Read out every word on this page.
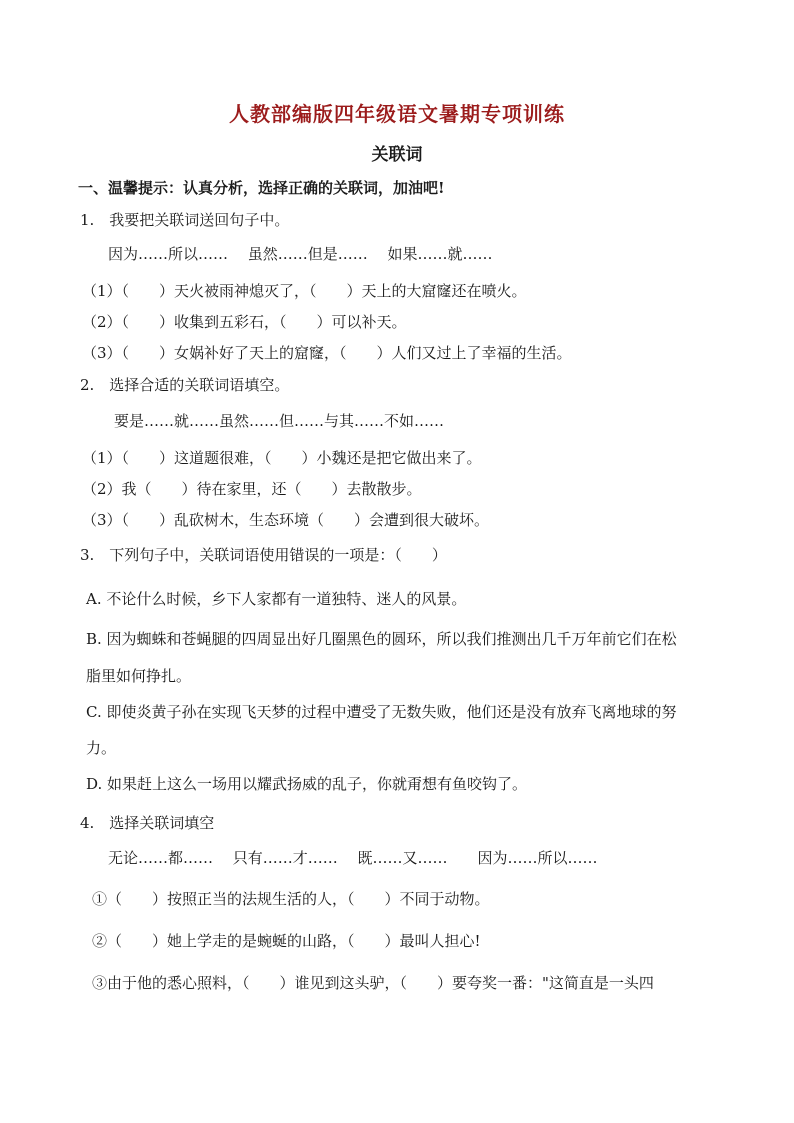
人教部编版四年级语文暑期专项训练
关联词
一、温馨提示：认真分析，选择正确的关联词，加油吧!
1.　我要把关联词送回句子中。
因为……所以……　 虽然……但是……　 如果……就……
（1）（　　）天火被雨神熄灭了，（　　）天上的大窟窿还在喷火。
（2）（　　）收集到五彩石，（　　）可以补天。
（3）（　　）女娲补好了天上的窟窿，（　　）人们又过上了幸福的生活。
2.　选择合适的关联词语填空。
要是……就……虽然……但……与其……不如……
（1）（　　）这道题很难，（　　）小魏还是把它做出来了。
（2）我（　　）待在家里，还（　　）去散散步。
（3）（　　）乱砍树木，生态环境（　　）会遭到很大破坏。
3.　下列句子中，关联词语使用错误的一项是：（　　）
A. 不论什么时候，乡下人家都有一道独特、迷人的风景。
B. 因为蜘蛛和苍蝇腿的四周显出好几圈黑色的圆环，所以我们推测出几千万年前它们在松
脂里如何挣扎。
C. 即使炎黄子孙在实现飞天梦的过程中遭受了无数失败，他们还是没有放弃飞离地球的努
力。
D. 如果赶上这么一场用以耀武扬威的乱子，你就甭想有鱼咬钩了。
4.　选择关联词填空
无论……都……　 只有……才……　 既……又……　　因为……所以……
①（　　）按照正当的法规生活的人，（　　）不同于动物。
②（　　）她上学走的是蜿蜒的山路，（　　）最叫人担心!
③由于他的悉心照料，（　　）谁见到这头驴，（　　）要夸奖一番："这简直是一头四
